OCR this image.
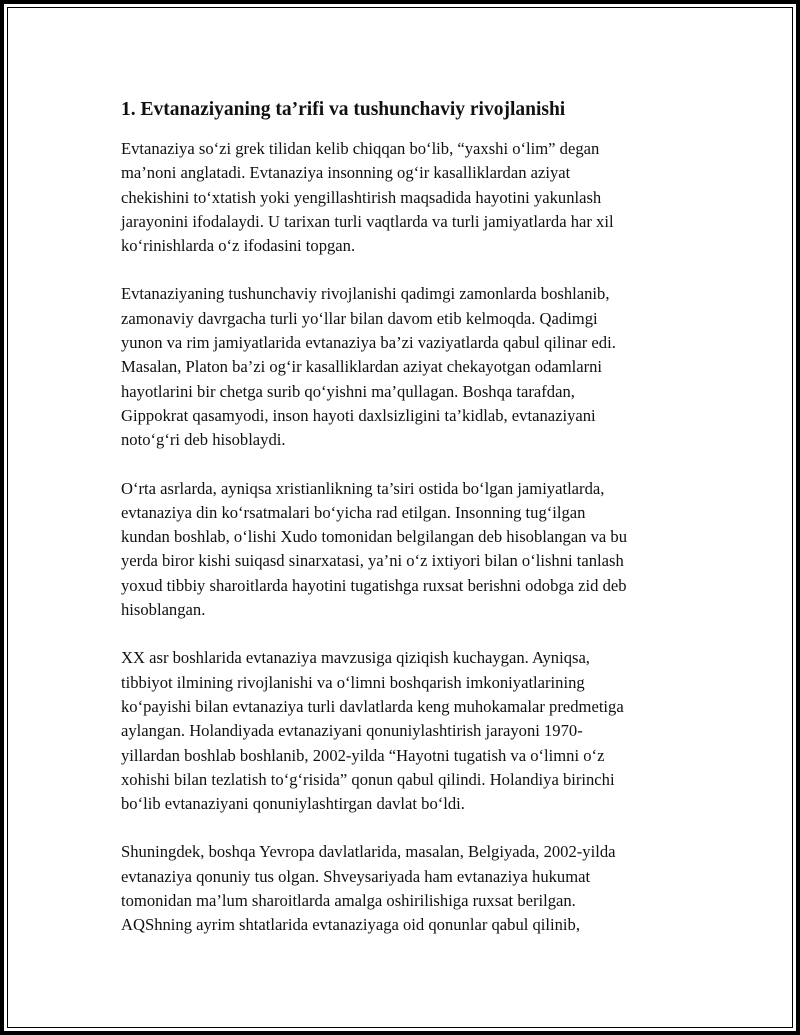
1. Evtanaziyaning ta’rifi va tushunchaviy rivojlanishi

Evtanaziya so‘zi grek tilidan kelib chiqqan bo‘lib, “yaxshi o‘lim” degan
ma’noni anglatadi. Evtanaziya insonning og‘ir kasalliklardan aziyat
chekishini to‘xtatish yoki yengillashtirish maqsadida hayotini yakunlash
jarayonini ifodalaydi. U tarixan turli vaqtlarda va turli jamiyatlarda har xil
ko‘rinishlarda o‘z ifodasini topgan.

Evtanaziyaning tushunchaviy rivojlanishi qadimgi zamonlarda boshlanib,
zamonaviy davrgacha turli yo‘llar bilan davom etib kelmoqda. Qadimgi
yunon va rim jamiyatlarida evtanaziya ba’zi vaziyatlarda qabul qilinar edi.
Masalan, Platon ba’zi og‘ir kasalliklardan aziyat chekayotgan odamlarni
hayotlarini bir chetga surib qo‘yishni ma’qullagan. Boshqa tarafdan,
Gippokrat qasamyodi, inson hayoti daxlsizligini ta’kidlab, evtanaziyani
noto‘g‘ri deb hisoblaydi.

O‘rta asrlarda, ayniqsa xristianlikning ta’siri ostida bo‘lgan jamiyatlarda,
evtanaziya din ko‘rsatmalari bo‘yicha rad etilgan. Insonning tug‘ilgan
kundan boshlab, o‘lishi Xudo tomonidan belgilangan deb hisoblangan va bu
yerda biror kishi suiqasd sinarxatasi, ya’ni o‘z ixtiyori bilan o‘lishni tanlash
yoxud tibbiy sharoitlarda hayotini tugatishga ruxsat berishni odobga zid deb
hisoblangan.

XX asr boshlarida evtanaziya mavzusiga qiziqish kuchaygan. Ayniqsa,
tibbiyot ilmining rivojlanishi va o‘limni boshqarish imkoniyatlarining
ko‘payishi bilan evtanaziya turli davlatlarda keng muhokamalar predmetiga
aylangan. Holandiyada evtanaziyani qonuniylashtirish jarayoni 1970-
yillardan boshlab boshlanib, 2002-yilda “Hayotni tugatish va o‘limni o‘z
xohishi bilan tezlatish to‘g‘risida” qonun qabul qilindi. Holandiya birinchi
bo‘lib evtanaziyani qonuniylashtirgan davlat bo‘ldi.

Shuningdek, boshqa Yevropa davlatlarida, masalan, Belgiyada, 2002-yilda
evtanaziya qonuniy tus olgan. Shveysariyada ham evtanaziya hukumat
tomonidan ma’lum sharoitlarda amalga oshirilishiga ruxsat berilgan.
AQShning ayrim shtatlarida evtanaziyaga oid qonunlar qabul qilinib,
